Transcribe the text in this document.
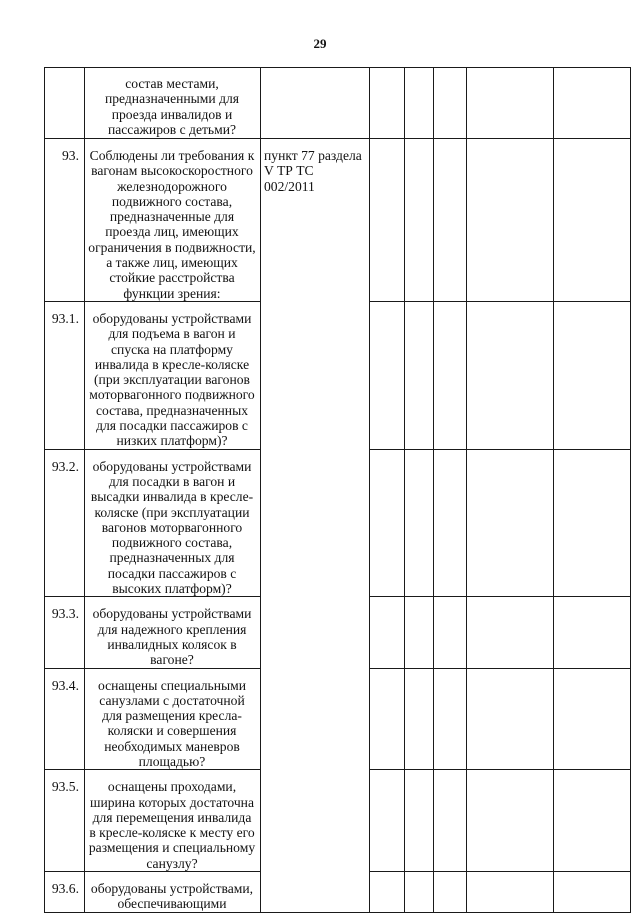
29
	состав местами, предназначенными для проезда инвалидов и пассажиров с детьми?						
93.	Соблюдены ли требования к вагонам высокоскоростного железнодорожного подвижного состава, предназначенные для проезда лиц, имеющих ограничения в подвижности, а также лиц, имеющих стойкие расстройства функции зрения:	пункт 77 раздела V ТР ТС 002/2011					
93.1.	оборудованы устройствами для подъема в вагон и спуска на платформу инвалида в кресле-коляске (при эксплуатации вагонов моторвагонного подвижного состава, предназначенных для посадки пассажиров с низких платформ)?						
93.2.	оборудованы устройствами для посадки в вагон и высадки инвалида в кресле-коляске (при эксплуатации вагонов моторвагонного подвижного состава, предназначенных для посадки пассажиров с высоких платформ)?						
93.3.	оборудованы устройствами для надежного крепления инвалидных колясок в вагоне?						
93.4.	оснащены специальными санузлами с достаточной для размещения кресла-коляски и совершения необходимых маневров площадью?						
93.5.	оснащены проходами, ширина которых достаточна для перемещения инвалида в кресле-коляске к месту его размещения и специальному санузлу?						
93.6.	оборудованы устройствами, обеспечивающими						
